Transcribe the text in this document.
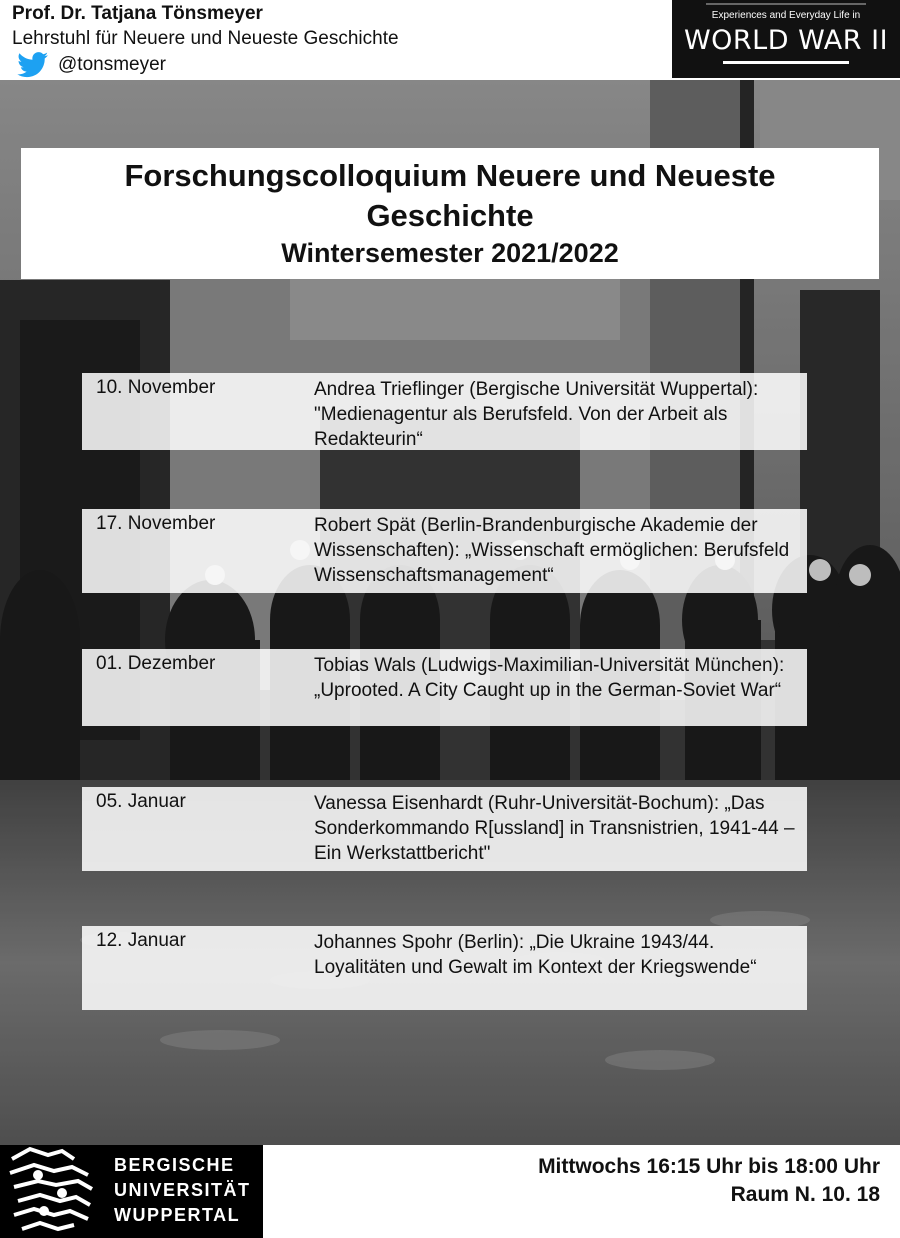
Prof. Dr. Tatjana Tönsmeyer
Lehrstuhl für Neuere und Neueste Geschichte
@tonsmeyer
Experiences and Everyday Life in
WORLD WAR II
Forschungscolloquium Neuere und Neueste Geschichte
Wintersemester 2021/2022
10. November	Andrea Trieflinger (Bergische Universität Wuppertal): "Medienagentur als Berufsfeld. Von der Arbeit als Redakteurin“
17. November	Robert Spät (Berlin-Brandenburgische Akademie der Wissenschaften): „Wissenschaft ermöglichen: Berufsfeld Wissenschaftsmanagement“
01. Dezember	Tobias Wals (Ludwigs-Maximilian-Universität München): „Uprooted. A City Caught up in the German-Soviet War“
05. Januar	Vanessa Eisenhardt (Ruhr-Universität-Bochum): „Das Sonderkommando R[ussland] in Transnistrien, 1941-44 – Ein Werkstattbericht"
12. Januar	Johannes Spohr (Berlin): „Die Ukraine 1943/44. Loyalitäten und Gewalt im Kontext der Kriegswende“
BERGISCHE
UNIVERSITÄT
WUPPERTAL
Mittwochs 16:15 Uhr bis 18:00 Uhr
Raum N. 10. 18
